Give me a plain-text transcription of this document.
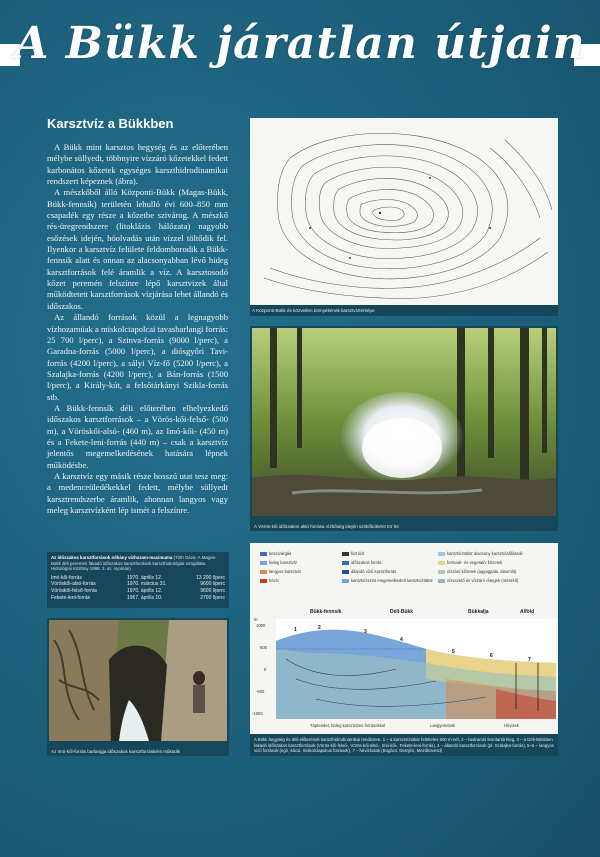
A Bükk járatlan útjain
Karsztvíz a Bükkben

A Bükk mint karsztos hegység és az előterében mélybe süllyedt, többnyire vízzáró kőzetekkel fedett karbonátos kőzetek egységes karszthidrodinamikai rendszert képeznek (ábra).

A mészkőből álló Központi-Bükk (Magas-Bükk, Bükk-fennsík) területén lehulló évi 600–850 mm csapadék egy része a kőzetbe szivárog. A mészkő rés-üregrendszere (litoklázis hálózata) nagyobb esőzések idején, hóolvadás után vízzel töltődik fel. Ilyenkor a karsztvíz felülete feldomborodik a Bükk-fennsík alatt és onnan az alacsonyabban lévő hideg karsztforrások felé áramlik a víz. A karsztosodó kőzet peremén felszínre lépő karsztvizek által működtetett karsztforrások vízjárása lehet állandó és időszakos.

Az állandó források közül a legnagyobb vízhozamúak a miskolctapolcai tavasbarlangi forrás: 25 700 l/perc), a Szinva-forrás (9000 l/perc), a Garadna-forrás (5000 l/perc), a diósgyőri Tavi-forrás (4200 l/perc), a sályi Víz-fő (5200 l/perc), a Szalajka-forrás (4200 l/perc), a Bán-forrás (1500 l/perc), a Király-kút, a felsőtárkányi Szikla-forrás stb.

A Bükk-fennsík déli előterében elhelyezkedő időszakos karsztforrások – a Vörös-kői-felső- (500 m), a Vöröskői-alsó- (460 m), az Imó-kői- (450 m) és a Fekete-leni-forrás (440 m) – csak a karsztvíz jelentős megemelkedésének hatására lépnek működésbe.

A karsztvíz egy másik része hosszú utat tesz meg: a medenceüledékekkel fedett, mélybe süllyedt karsztrendszerbe áramlik, ahonnan langyos vagy meleg karsztvízként lép ismét a felszínre.

Az időszakos karsztforrások néhány vízhozam-maximuma (Tóth Géza: A Magas-Bükk déli peremén fakadó időszakos karsztforrások karszthidrológiai vizsgálata. Hidrológiai Közlöny 1968. 3. sz. nyomán)
Imó-kői-forrás	1970. április 12.	13 200 l/perc
Vöröskői-alsó-forrás	1970. március 31.	9600 l/perc
Vöröskői-felső-forrás	1970. április 12.	9600 l/perc
Fekete-leni-forrás	1967. április 10.	2700 l/perc
A Központi-Bükk és közvetlen környékének karsztvíztérképe
A Vörös-kői időszakos alsó forrása vízbőség idején szökőkútként tör fel
Az Imó-kői-forrás barlangja időszakos karsztforrásként működik
beszivárgás
hideg karsztvíz
langyos karsztvíz
hévíz
fúrt kút
időszakos forrás
állandó vízű karsztforrás
karsztvízszint megemelkedett karsztvíztükör
karsztvíztükör alacsony karsztvízállásnál
formaúr- és vegetatív közetek
vízzáró kőzetek (agyagpala, alaurolit)
vízvezető és vízzáró rétegek (mészkő)
Bükk-fennsík	Déli-Bükk	Bükkalja	Alföld
1000
500
0
-500
-1000
m
1	2
3
4
5
6
7
Tápterület, hideg karsztvizes forrásokkal	Langyosvizek	Hévizek
A Bükk hegység és déli előterének karszthidrodinamikai rendszere. 1 – a karsztvíztükör feltételes 600 m-nél, 2 – beáramló fenntartóréteg, 3 – a Déli-Bükkben fakadó időszakos karsztforrások (Vörös-kői-felső-, Vörös-kői-alsó-, Imó-kői-, Fekete-leni-forrás), 4 – állandó karsztforrások (pl. Szalajka-forrás), 5–6 – langyos vizű források (egri, kácsi, miskolctapolcai források), 7 – hévízkutak (Bogács, Demjén, Mezőkövesd)
